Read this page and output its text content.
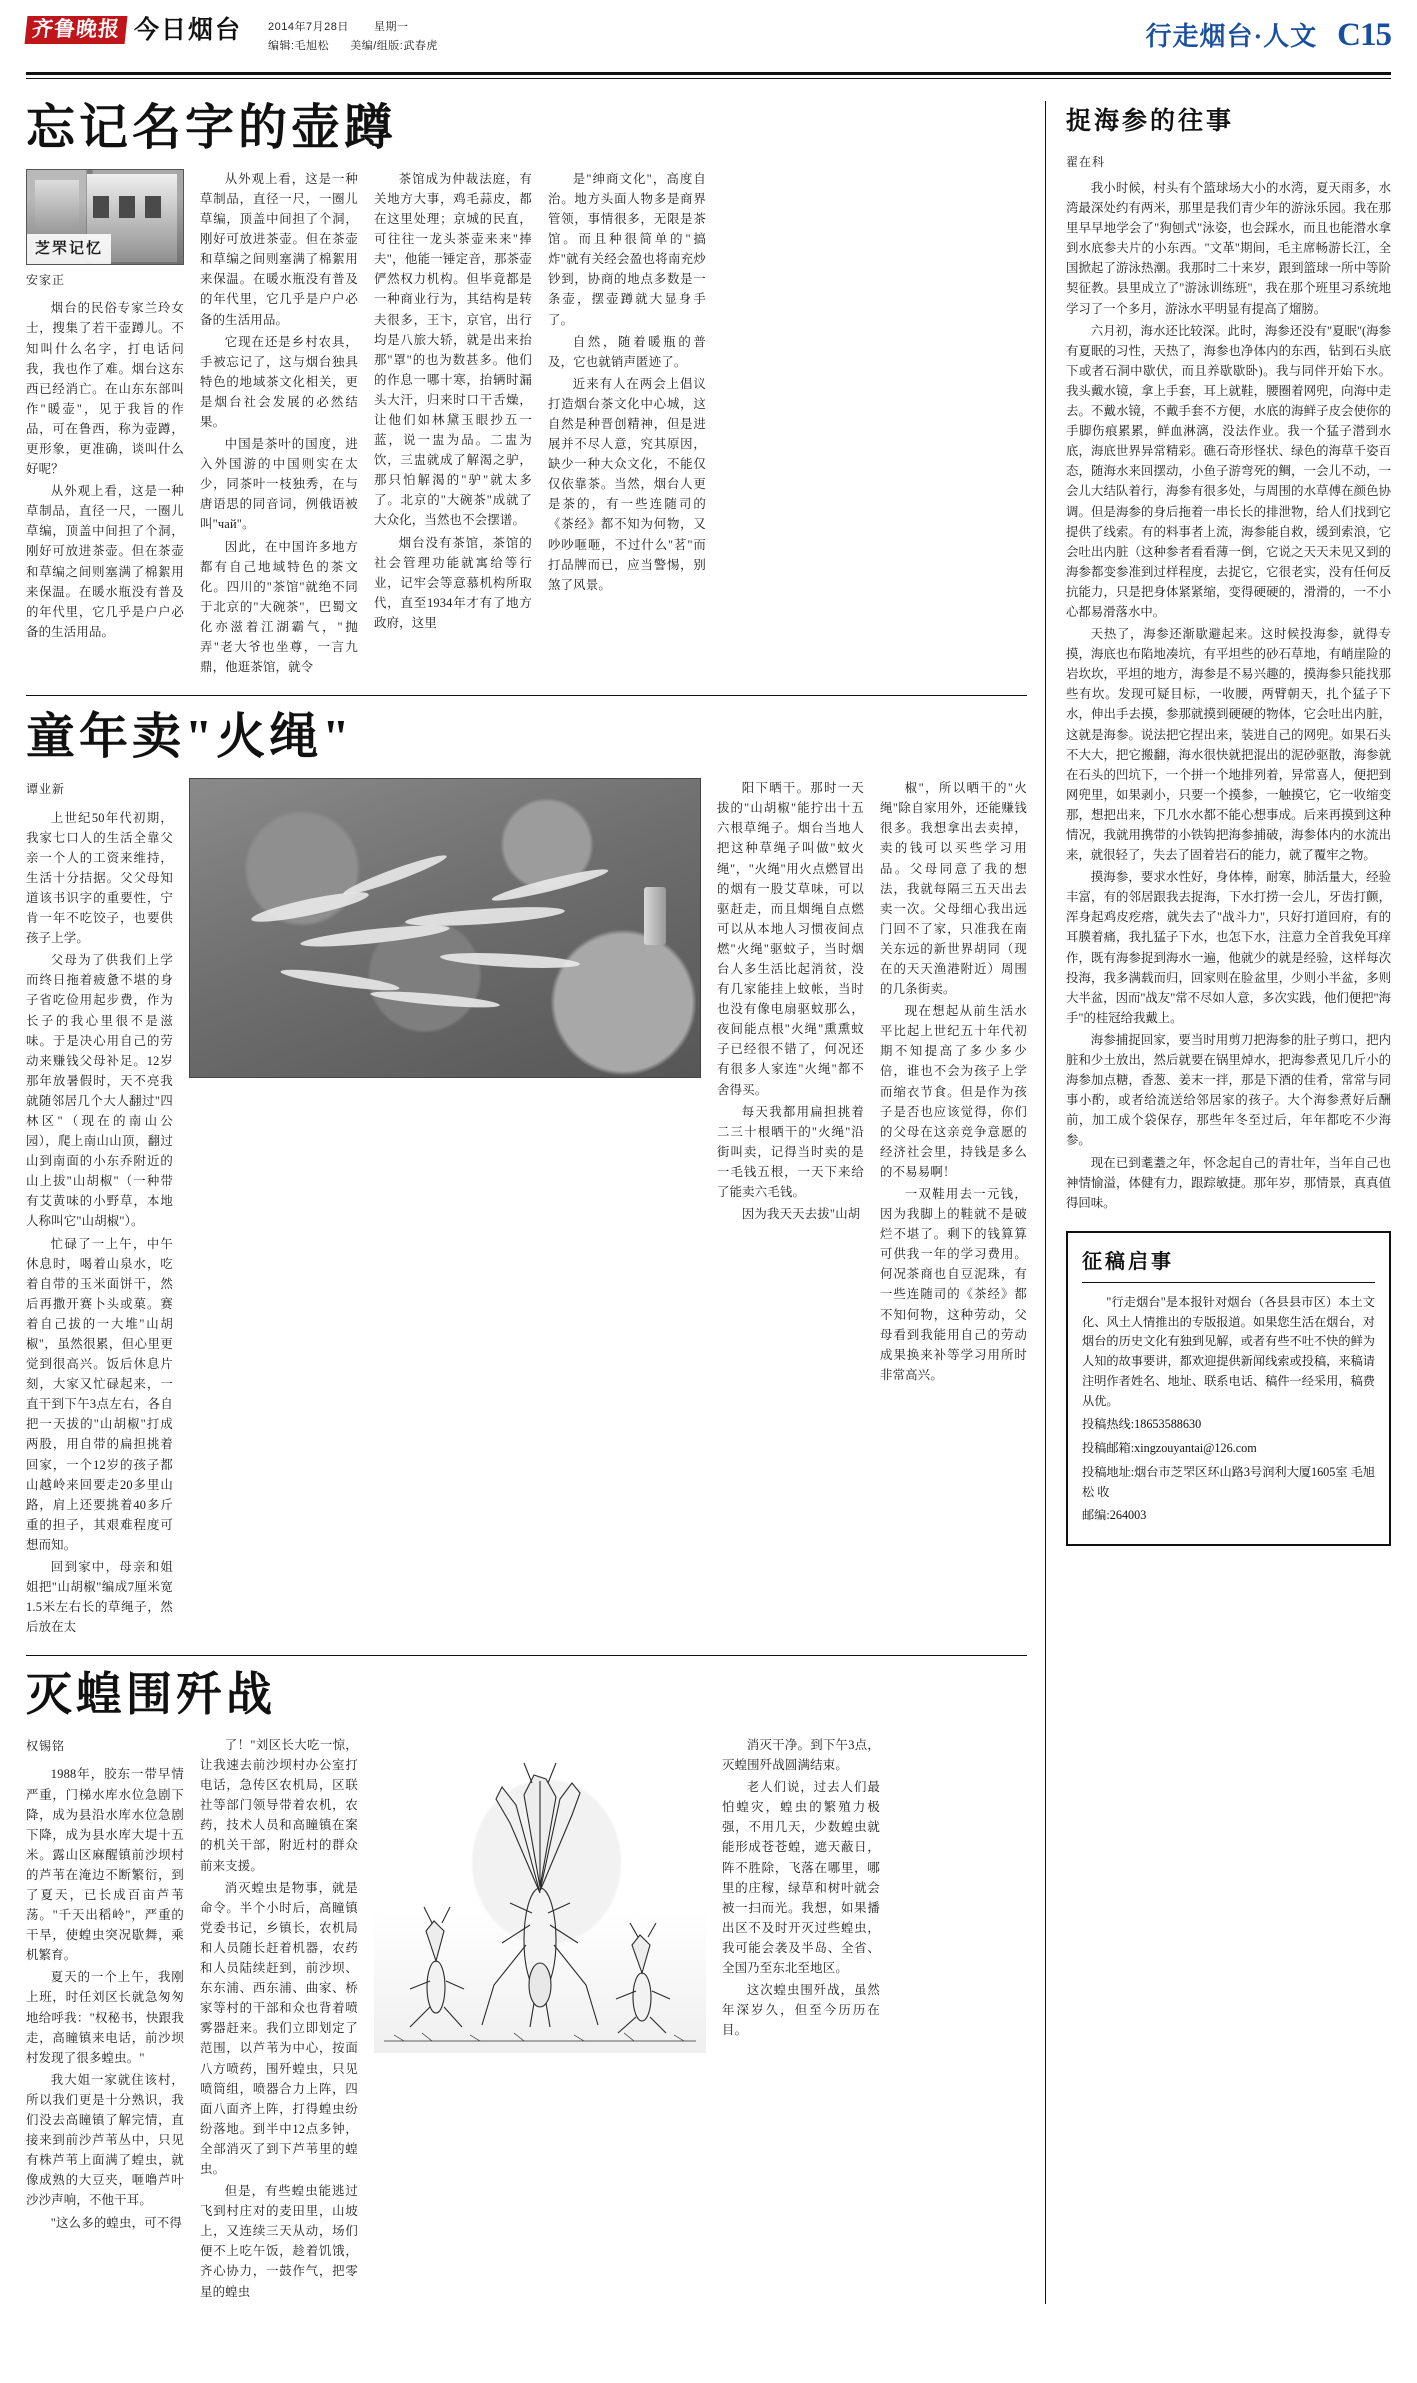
齐鲁晚报 今日烟台 2014年7月28日 星期一
编辑:毛旭松 美编/组版:武春虎	行走烟台·人文 C15
忘记名字的壶蹲
芝罘记忆
安家正

烟台的民俗专家兰玲女士，搜集了若干壶蹲儿。不知叫什么名字，打电话问我，我也作了难。烟台这东西已经消亡。在山东东部叫作"暖壶"，见于我旨的作品，可在鲁西，称为壶蹲，更形象，更准确，谈叫什么好呢？

从外观上看，这是一种草制品，直径一尺，一圈儿草编，顶盖中间担了个洞，刚好可放进茶壶。但在茶壶和草编之间则塞满了棉絮用来保温。在暖水瓶没有普及的年代里，它几乎是户户必备的生活用品。

从外观上看，这是一种草制品，直径一尺，一圈儿草编，顶盖中间担了个洞，刚好可放进茶壶。但在茶壶和草编之间则塞满了棉絮用来保温。在暖水瓶没有普及的年代里，它几乎是户户必备的生活用品。

它现在还是乡村农具，手被忘记了，这与烟台独具特色的地域茶文化相关，更是烟台社会发展的必然结果。

中国是茶叶的国度，进入外国游的中国则实在太少，同茶叶一枝独秀，在与唐语思的同音词，例俄语被叫"чай"。

因此，在中国许多地方都有自己地域特色的茶文化。四川的"茶馆"就绝不同于北京的"大碗茶"，巴蜀文化亦滋着江湖霸气，"抛弄"老大爷也坐尊，一言九鼎，他逛茶馆，就令

茶馆成为仲裁法庭，有关地方大事，鸡毛蒜皮，都在这里处理；京城的民直，可往往一龙头茶壶来来"捧夫"，他能一锤定音，那茶壶俨然权力机构。但毕竟都是一种商业行为，其结构是转夫很多，王卞，京官，出行均是八旅大轿，就是出来抬那"罩"的也为数甚多。他们的作息一哪十寒，抬辆时漏头大汗，归来时口干舌燥，让他们如林黛玉眼抄五一蓝，说一盅为品。二盅为饮，三盅就成了解渴之驴，那只怕解渴的"驴"就太多了。北京的"大碗茶"成就了大众化，当然也不会摆谱。

烟台没有茶馆，茶馆的社会管理功能就寓给等行业，记牢会等意慕机构所取代，直至1934年才有了地方政府，这里

是"绅商文化"，高度自治。地方头面人物多是商界管领，事情很多，无限是茶馆。而且种很简单的"搞炸"就有关经会盈也将南充炒钞到，协商的地点多数是一条壶，摆壶蹲就大显身手了。

自然，随着暖瓶的普及，它也就销声匿迹了。

近来有人在两会上倡议打造烟台茶文化中心城，这自然是种晋创精神，但是进展并不尽人意，究其原因，缺少一种大众文化，不能仅仅依靠茶。当然，烟台人更是茶的，有一些连随司的《茶经》都不知为何物，又吵吵咂咂，不过什么"茗"而打品牌而已，应当警惕，别煞了风景。

童年卖"火绳"
谭业新

上世纪50年代初期，我家七口人的生活全靠父亲一个人的工资来维持，生活十分拮据。父父母知道该书识字的重要性，宁肯一年不吃饺子，也要供孩子上学。

父母为了供我们上学而终日拖着疲惫不堪的身子省吃俭用起步费，作为长子的我心里很不是滋味。于是决心用自己的劳动来赚钱父母补足。12岁那年放暑假时，天不亮我就随邻居几个大人翻过"四林区"（现在的南山公园），爬上南山山顶，翻过山到南面的小东乔附近的山上拔"山胡椒"（一种带有艾黄味的小野草，本地人称叫它"山胡椒"）。

忙碌了一上午，中午休息时，喝着山泉水，吃着自带的玉米面饼干，然后再撒开赛卜头或菓。赛着自己拔的一大堆"山胡椒"，虽然很累，但心里更觉到很高兴。饭后休息片刻，大家又忙碌起来，一直干到下午3点左右，各自把一天拔的"山胡椒"打成两股，用自带的扁担挑着回家，一个12岁的孩子都山越岭来回要走20多里山路，肩上还要挑着40多斤重的担子，其艰难程度可想而知。

回到家中，母亲和姐姐把"山胡椒"编成7厘米宽1.5米左右长的草绳子，然后放在太

阳下晒干。那时一天拔的"山胡椒"能拧出十五六根草绳子。烟台当地人把这种草绳子叫做"蚊火绳"，"火绳"用火点燃冒出的烟有一股艾草味，可以驱赶走，而且烟绳自点燃可以从本地人习惯夜间点燃"火绳"驱蚊子，当时烟台人多生活比起消贫，没有几家能挂上蚊帐，当时也没有像电扇驱蚊那么，夜间能点根"火绳"熏熏蚊子已经很不错了，何况还有很多人家连"火绳"都不舍得买。

每天我都用扁担挑着二三十根晒干的"火绳"沿街叫卖，记得当时卖的是一毛钱五根，一天下来给了能卖六毛钱。

因为我天天去拔"山胡

椒"，所以晒干的"火绳"除自家用外，还能赚钱很多。我想拿出去卖掉，卖的钱可以买些学习用品。父母同意了我的想法，我就每隔三五天出去卖一次。父母细心我出远门回不了家，只准我在南关东远的新世界胡同（现在的天天渔港附近）周围的几条街卖。

现在想起从前生活水平比起上世纪五十年代初期不知提高了多少多少倍，谁也不会为孩子上学而缩衣节食。但是作为孩子是否也应该觉得，你们的父母在这亲竞争意愿的经济社会里，持钱是多么的不易易啊！

一双鞋用去一元钱，因为我脚上的鞋就不是破烂不堪了。剩下的钱算算可供我一年的学习费用。何况茶商也自豆泥珠，有一些连随司的《茶经》都不知何物，这种劳动，父母看到我能用自己的劳动成果换来补等学习用所时非常高兴。

灭蝗围歼战
权锡铭

1988年，胶东一带早情严重，门梯水库水位急剧下降，成为县沿水库水位急剧下降，成为县水库大堤十五米。露山区麻醒镇前沙坝村的芦苇在淹边不断繁衍，到了夏天，已长成百亩芦苇荡。"千天出稻岭"，严重的干旱，使蝗虫突况歇舞，乘机繁育。

夏天的一个上午，我刚上班，时任刘区长就急匆匆地给呼我："权秘书，快跟我走，高瞳镇来电话，前沙坝村发现了很多蝗虫。"

我大姐一家就住该村，所以我们更是十分熟识，我们没去高瞳镇了解完情，直接来到前沙芦苇丛中，只见有株芦苇上面满了蝗虫，就像成熟的大豆夹，咂噜芦叶沙沙声响，不他干耳。

"这么多的蝗虫，可不得

了！"刘区长大吃一惊，让我速去前沙坝村办公室打电话，急传区农机局，区联社等部门领导带着农机，农药，技术人员和高瞳镇在案的机关干部，附近村的群众前来支援。

消灭蝗虫是物事，就是命令。半个小时后，高瞳镇党委书记，乡镇长，农机局和人员随长赶着机器，农药和人员陆续赶到，前沙坝、东东浦、西东浦、曲家、桥家等村的干部和众也背着喷雾器赶来。我们立即划定了范围，以芦苇为中心，按面八方喷药，围歼蝗虫，只见喷筒组，喷器合力上阵，四面八面齐上阵，打得蝗虫纷纷落地。到半中12点多钟，全部消灭了到下芦苇里的蝗虫。

但是，有些蝗虫能逃过飞到村庄对的麦田里，山坡上，又连续三天从动，场们便不上吃午饭，趁着饥饿，齐心协力，一鼓作气，把零星的蝗虫

消灭干净。到下午3点，灭蝗围歼战圆满结束。

老人们说，过去人们最怕蝗灾，蝗虫的繁殖力极强，不用几天，少数蝗虫就能形成苍苍蝗，遮天蔽日，阵不胜除，飞落在哪里，哪里的庄稼，绿草和树叶就会被一扫而光。我想，如果播出区不及时开灭过些蝗虫，我可能会袭及半岛、全省、全国乃至东北至地区。

这次蝗虫围歼战，虽然年深岁久，但至今历历在目。

捉海参的往事
翟在科

我小时候，村头有个篮球场大小的水湾，夏天雨多，水湾最深处约有两米，那里是我们青少年的游泳乐园。我在那里早早地学会了"狗刨式"泳姿，也会踩水，而且也能潜水拿到水底参夫片的小东西。"文革"期间，毛主席畅游长江，全国掀起了游泳热潮。我那时二十来岁，跟到篮球一所中等阶契征教。县里成立了"游泳训练班"，我在那个班里习系统地学习了一个多月，游泳水平明显有提高了熘膀。

六月初，海水还比较深。此时，海参还没有"夏眠"(海参有夏眠的习性，天热了，海参也净体内的东西，钻到石头底下或者石洞中歇伏，而且养歇歇卧)。我与同伴开始下水。我头戴水镜，拿上手套，耳上就鞋，腰圈着网兜，向海中走去。不戴水镜，不戴手套不方便，水底的海鲜子皮会使你的手脚伤痕累累，鲜血淋漓，没法作业。我一个猛子潜到水底，海底世界异常精彩。礁石奇形怪状、绿色的海草千姿百态，随海水来回摆动，小鱼子游弯死的鲷，一会儿不动，一会儿大结队着行，海参有很多处，与周围的水草傅在颜色协调。但是海参的身后拖着一串长长的排泄物，给人们找到它提供了线索。有的料事者上流，海参能自救，缓到索浪，它会吐出内脏（这种参者看看薄一倒，它说之天天未见又到的海参都变参准到过样程度，去捉它，它很老实，没有任何反抗能力，只是把身体紧紧缩，变得硬硬的，滑滑的，一不小心都易滑落水中。

天热了，海参还渐歇避起来。这时候投海参，就得专摸，海底也布陷地凑坑，有平坦些的砂石草地，有峭崖险的岩坎坎，平坦的地方，海参是不易兴趣的，摸海参只能找那些有坎。发现可疑目标，一收腰，两臂朝天，扎个猛子下水，伸出手去摸，参那就摸到硬硬的物体，它会吐出内脏，这就是海参。说法把它捏出来，装进自己的网兜。如果石头不大大，把它搬翻，海水很快就把混出的泥砂驱散，海参就在石头的凹坑下，一个拼一个地排列着，异常喜人，便把到网兜里，如果剥小，只要一个摸参，一触摸它，它一收缩变那，想把出来，下几水水都不能心想事成。后来再摸到这种情况，我就用携带的小铁钩把海参捕破，海参体内的水流出来，就很轻了，失去了固着岩石的能力，就了覆牢之物。

摸海参，要求水性好，身体棒，耐寒，肺活量大，经验丰富，有的邻居跟我去捉海，下水打捞一会儿，牙齿打颤，浑身起鸡皮疙瘩，就失去了"战斗力"，只好打道回府，有的耳膜着痛，我扎猛子下水，也怎下水，注意力全首我免耳痒作，既有海参捉到海水一遍，他就少的就是经验，这样每次投海，我多满载而归，回家则在脸盆里，少则小半盆，多则大半盆，因而"战友"常不尽如人意，多次实践，他们便把"海手"的桂冠给我戴上。

海参捕捉回家，要当时用剪刀把海参的肚子剪口，把内脏和少土放出，然后就要在锅里焯水，把海参煮见几斤小的海参加点糖，香葱、姜末一拌，那是下酒的佳肴，常常与同事小酌，或者给流送给邻居家的孩子。大个海参煮好后酬前，加工成个袋保存，那些年冬至过后，年年都吃不少海参。

现在已到耄耋之年，怀念起自己的青壮年，当年自己也神情愉溢，体健有力，跟踪敏捷。那年岁，那情景，真真值得回味。

征稿启事

"行走烟台"是本报针对烟台（各县县市区）本土文化、风土人情推出的专版报道。如果您生活在烟台，对烟台的历史文化有独到见解，或者有些不吐不快的鲜为人知的故事要讲，都欢迎提供新闻线索或投稿，来稿请注明作者姓名、地址、联系电话、稿件一经采用，稿费从优。

投稿热线:18653588630

投稿邮箱:xingzouyantai@126.com

投稿地址:烟台市芝罘区环山路3号润利大厦1605室 毛旭松 收

邮编:264003
